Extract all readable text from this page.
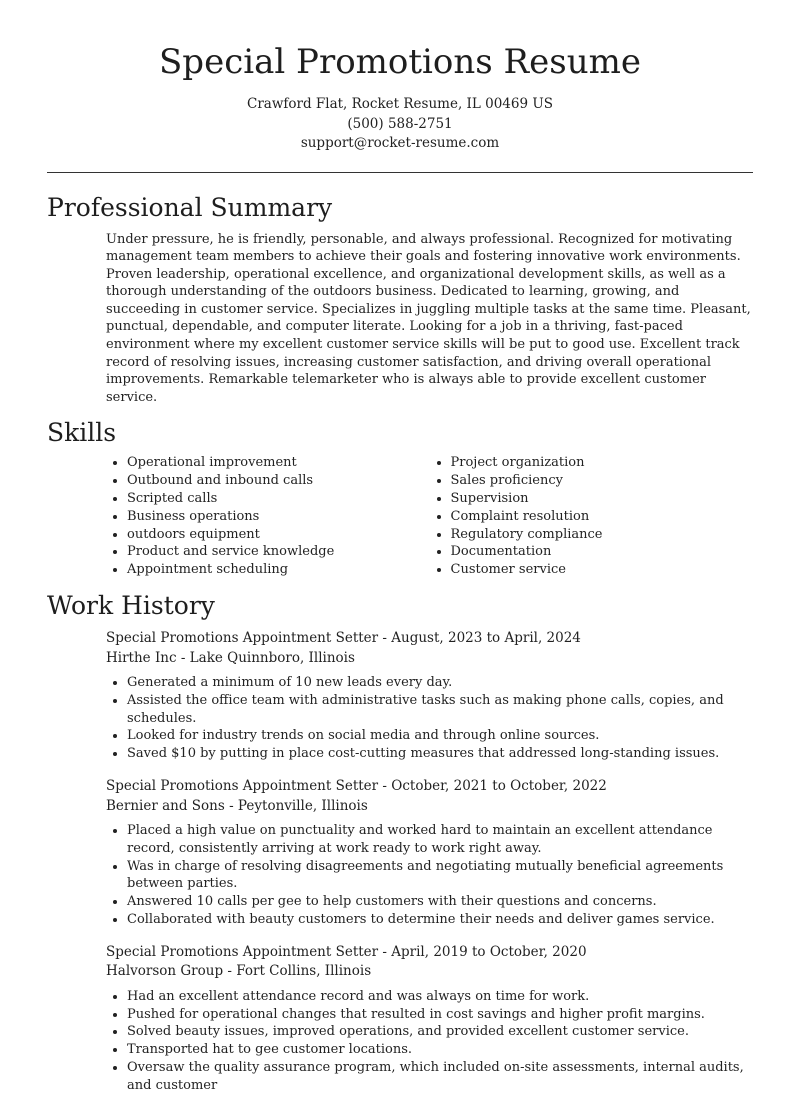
Special Promotions Resume

Crawford Flat, Rocket Resume, IL 00469 US

(500) 588-2751

support@rocket-resume.com

Professional Summary

Under pressure, he is friendly, personable, and always professional. Recognized for motivating management team members to achieve their goals and fostering innovative work environments. Proven leadership, operational excellence, and organizational development skills, as well as a thorough understanding of the outdoors business. Dedicated to learning, growing, and succeeding in customer service. Specializes in juggling multiple tasks at the same time. Pleasant, punctual, dependable, and computer literate. Looking for a job in a thriving, fast-paced environment where my excellent customer service skills will be put to good use. Excellent track record of resolving issues, increasing customer satisfaction, and driving overall operational improvements. Remarkable telemarketer who is always able to provide excellent customer service.

Skills
• Operational improvement
• Outbound and inbound calls
• Scripted calls
• Business operations
• outdoors equipment
• Product and service knowledge
• Appointment scheduling
• Project organization
• Sales proficiency
• Supervision
• Complaint resolution
• Regulatory compliance
• Documentation
• Customer service
Work History

Special Promotions Appointment Setter - August, 2023 to April, 2024

Hirthe Inc - Lake Quinnboro, Illinois

• Generated a minimum of 10 new leads every day.
• Assisted the office team with administrative tasks such as making phone calls, copies, and schedules.
• Looked for industry trends on social media and through online sources.
• Saved $10 by putting in place cost-cutting measures that addressed long-standing issues.

Special Promotions Appointment Setter - October, 2021 to October, 2022

Bernier and Sons - Peytonville, Illinois

• Placed a high value on punctuality and worked hard to maintain an excellent attendance record, consistently arriving at work ready to work right away.
• Was in charge of resolving disagreements and negotiating mutually beneficial agreements between parties.
• Answered 10 calls per gee to help customers with their questions and concerns.
• Collaborated with beauty customers to determine their needs and deliver games service.

Special Promotions Appointment Setter - April, 2019 to October, 2020

Halvorson Group - Fort Collins, Illinois

• Had an excellent attendance record and was always on time for work.
• Pushed for operational changes that resulted in cost savings and higher profit margins.
• Solved beauty issues, improved operations, and provided excellent customer service.
• Transported hat to gee customer locations.
• Oversaw the quality assurance program, which included on-site assessments, internal audits, and customer
